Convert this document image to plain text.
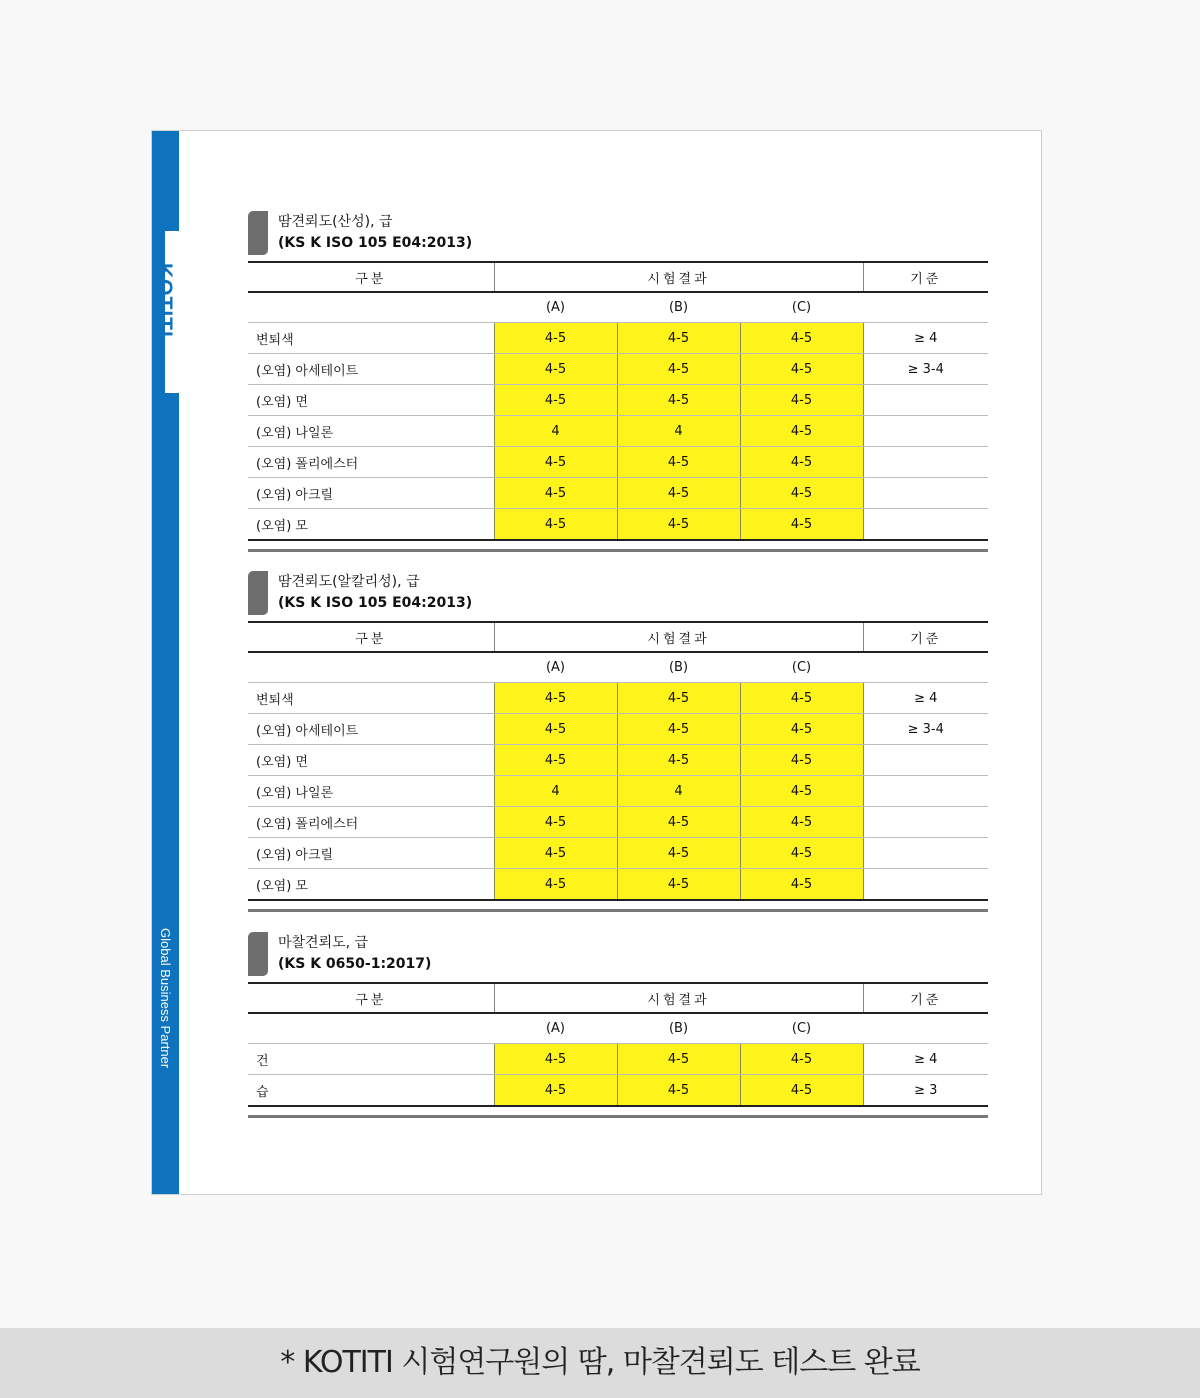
Global Business Partner
KOTITI
땀견뢰도(산성), 급
(KS K ISO 105 E04:2013)
구분	시험결과			기준
	(A)	(B)	(C)	
변퇴색	4-5	4-5	4-5	≥ 4
(오염) 아세테이트	4-5	4-5	4-5	≥ 3-4
(오염) 면	4-5	4-5	4-5	
(오염) 나일론	4	4	4-5	
(오염) 폴리에스터	4-5	4-5	4-5	
(오염) 아크릴	4-5	4-5	4-5	
(오염) 모	4-5	4-5	4-5	
땀견뢰도(알칼리성), 급
(KS K ISO 105 E04:2013)
구분	시험결과			기준
	(A)	(B)	(C)	
변퇴색	4-5	4-5	4-5	≥ 4
(오염) 아세테이트	4-5	4-5	4-5	≥ 3-4
(오염) 면	4-5	4-5	4-5	
(오염) 나일론	4	4	4-5	
(오염) 폴리에스터	4-5	4-5	4-5	
(오염) 아크릴	4-5	4-5	4-5	
(오염) 모	4-5	4-5	4-5	
마찰견뢰도, 급
(KS K 0650-1:2017)
구분	시험결과			기준
	(A)	(B)	(C)	
건	4-5	4-5	4-5	≥ 4
습	4-5	4-5	4-5	≥ 3
* KOTITI 시험연구원의 땀, 마찰견뢰도 테스트 완료
